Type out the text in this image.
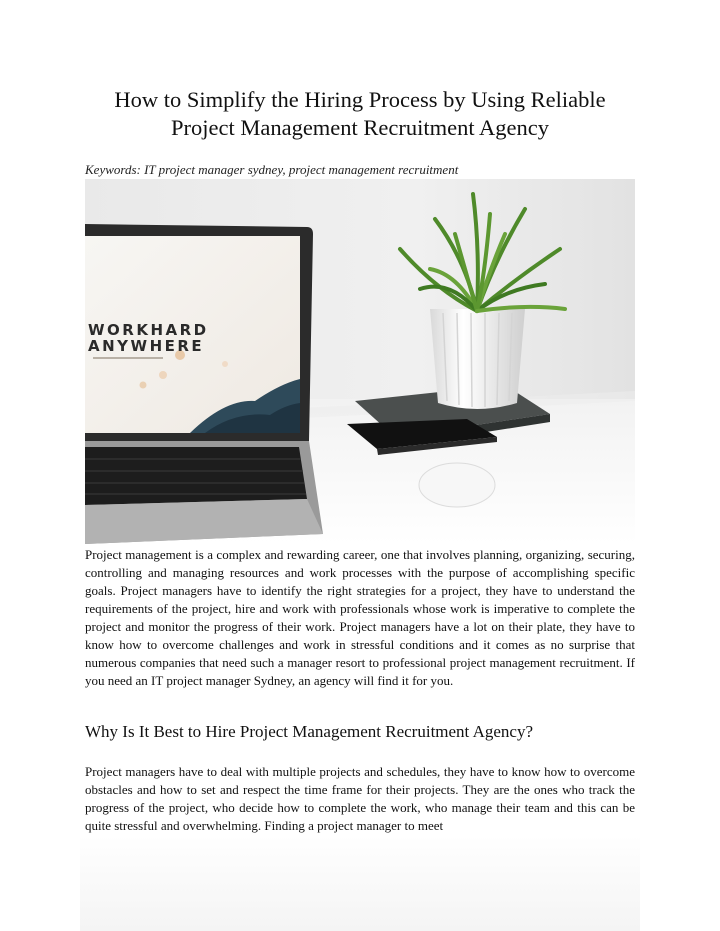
How to Simplify the Hiring Process by Using Reliable
Project Management Recruitment Agency
Keywords: IT project manager sydney, project management recruitment
WORKHARD
ANYWHERE

Project management is a complex and rewarding career, one that involves planning, organizing, securing, controlling and managing resources and work processes with the purpose of accomplishing specific goals. Project managers have to identify the right strategies for a project, they have to understand the requirements of the project, hire and work with professionals whose work is imperative to complete the project and monitor the progress of their work. Project managers have a lot on their plate, they have to know how to overcome challenges and work in stressful conditions and it comes as no surprise that numerous companies that need such a manager resort to professional project management recruitment. If you need an IT project manager Sydney, an agency will find it for you.

Why Is It Best to Hire Project Management Recruitment Agency?

Project managers have to deal with multiple projects and schedules, they have to know how to overcome obstacles and how to set and respect the time frame for their projects. They are the ones who track the progress of the project, who decide how to complete the work, who manage their team and this can be quite stressful and overwhelming. Finding a project manager to meet
